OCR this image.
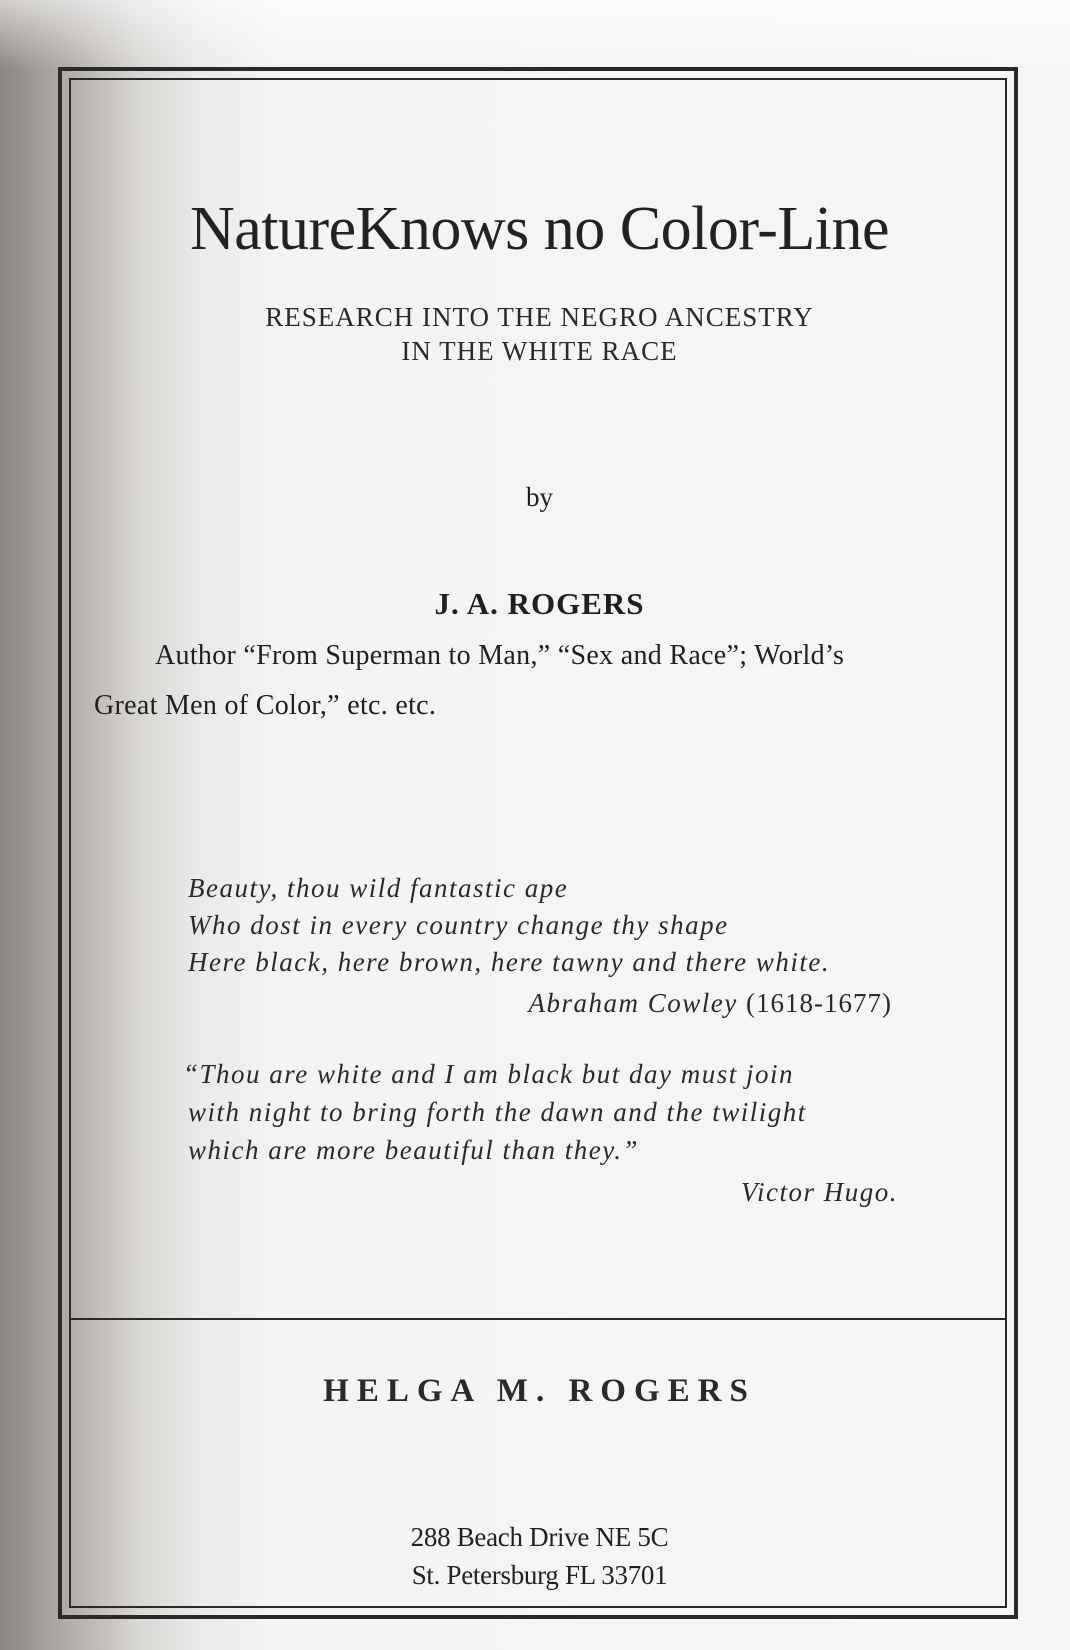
NatureKnows no Color-Line
RESEARCH INTO THE NEGRO ANCESTRY
IN THE WHITE RACE
by
J. A. ROGERS
Author “From Superman to Man,” “Sex and Race”; World’s
Great Men of Color,” etc. etc.
Beauty, thou wild fantastic ape
Who dost in every country change thy shape
Here black, here brown, here tawny and there white.
Abraham Cowley (1618-1677)
“Thou are white and I am black but day must join
with night to bring forth the dawn and the twilight
which are more beautiful than they.”
Victor Hugo.
HELGA M. ROGERS
288 Beach Drive NE 5C
St. Petersburg FL 33701
